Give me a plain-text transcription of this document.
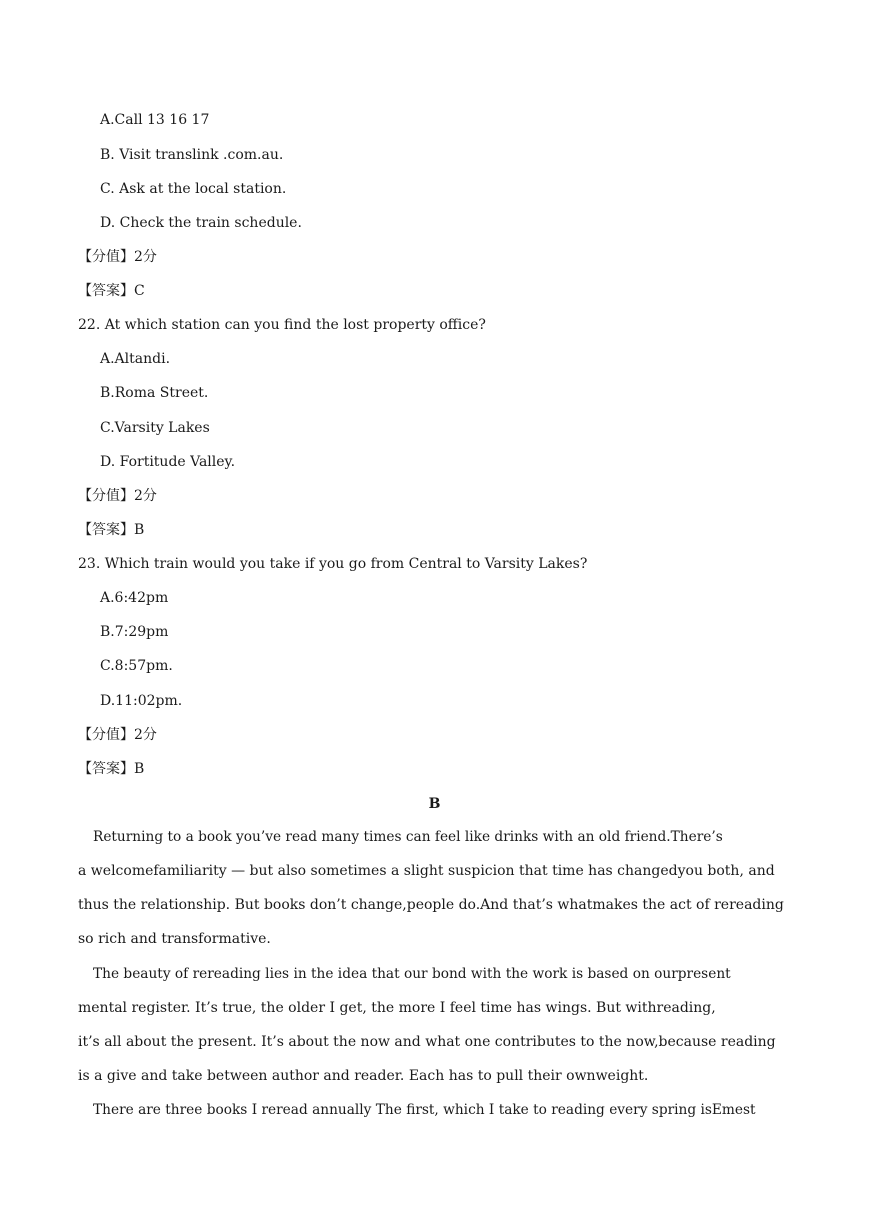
A.Call 13 16 17
B. Visit translink .com.au.
C. Ask at the local station.
D. Check the train schedule.
【分值】2分
【答案】C
22. At which station can you find the lost property office?
A.Altandi.
B.Roma Street.
C.Varsity Lakes
D. Fortitude Valley.
【分值】2分
【答案】B
23. Which train would you take if you go from Central to Varsity Lakes?
A.6:42pm
B.7:29pm
C.8:57pm.
D.11:02pm.
【分值】2分
【答案】B
B
Returning to a book you’ve read many times can feel like drinks with an old friend.There’s
a welcomefamiliarity — but also sometimes a slight suspicion that time has changedyou both, and
thus the relationship. But books don’t change,people do.And that’s whatmakes the act of rereading
so rich and transformative.
The beauty of rereading lies in the idea that our bond with the work is based on ourpresent
mental register. It’s true, the older I get, the more I feel time has wings. But withreading,
it’s all about the present. It’s about the now and what one contributes to the now,because reading
is a give and take between author and reader. Each has to pull their ownweight.
There are three books I reread annually The first, which I take to reading every spring isEmest
